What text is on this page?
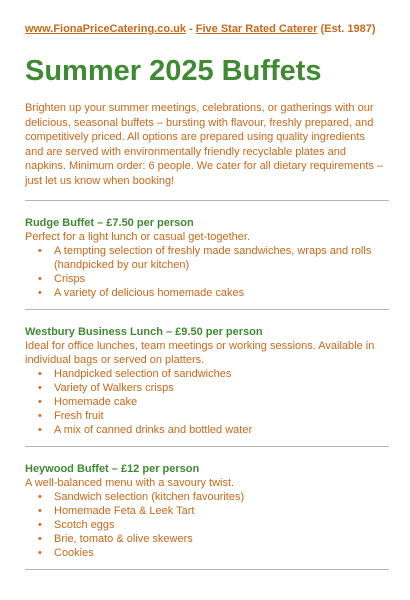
www.FionaPriceCatering.co.uk - Five Star Rated Caterer (Est. 1987)
Summer 2025 Buffets

Brighten up your summer meetings, celebrations, or gatherings with our delicious, seasonal buffets – bursting with flavour, freshly prepared, and competitively priced. All options are prepared using quality ingredients and are served with environmentally friendly recyclable plates and napkins. Minimum order: 6 people. We cater for all dietary requirements – just let us know when booking!

Rudge Buffet – £7.50 per person

Perfect for a light lunch or casual get-together.

• A tempting selection of freshly made sandwiches, wraps and rolls (handpicked by our kitchen)
• Crisps
• A variety of delicious homemade cakes
Westbury Business Lunch – £9.50 per person

Ideal for office lunches, team meetings or working sessions. Available in individual bags or served on platters.

• Handpicked selection of sandwiches
• Variety of Walkers crisps
• Homemade cake
• Fresh fruit
• A mix of canned drinks and bottled water
Heywood Buffet – £12 per person

A well-balanced menu with a savoury twist.

• Sandwich selection (kitchen favourites)
• Homemade Feta & Leek Tart
• Scotch eggs
• Brie, tomato & olive skewers
• Cookies
